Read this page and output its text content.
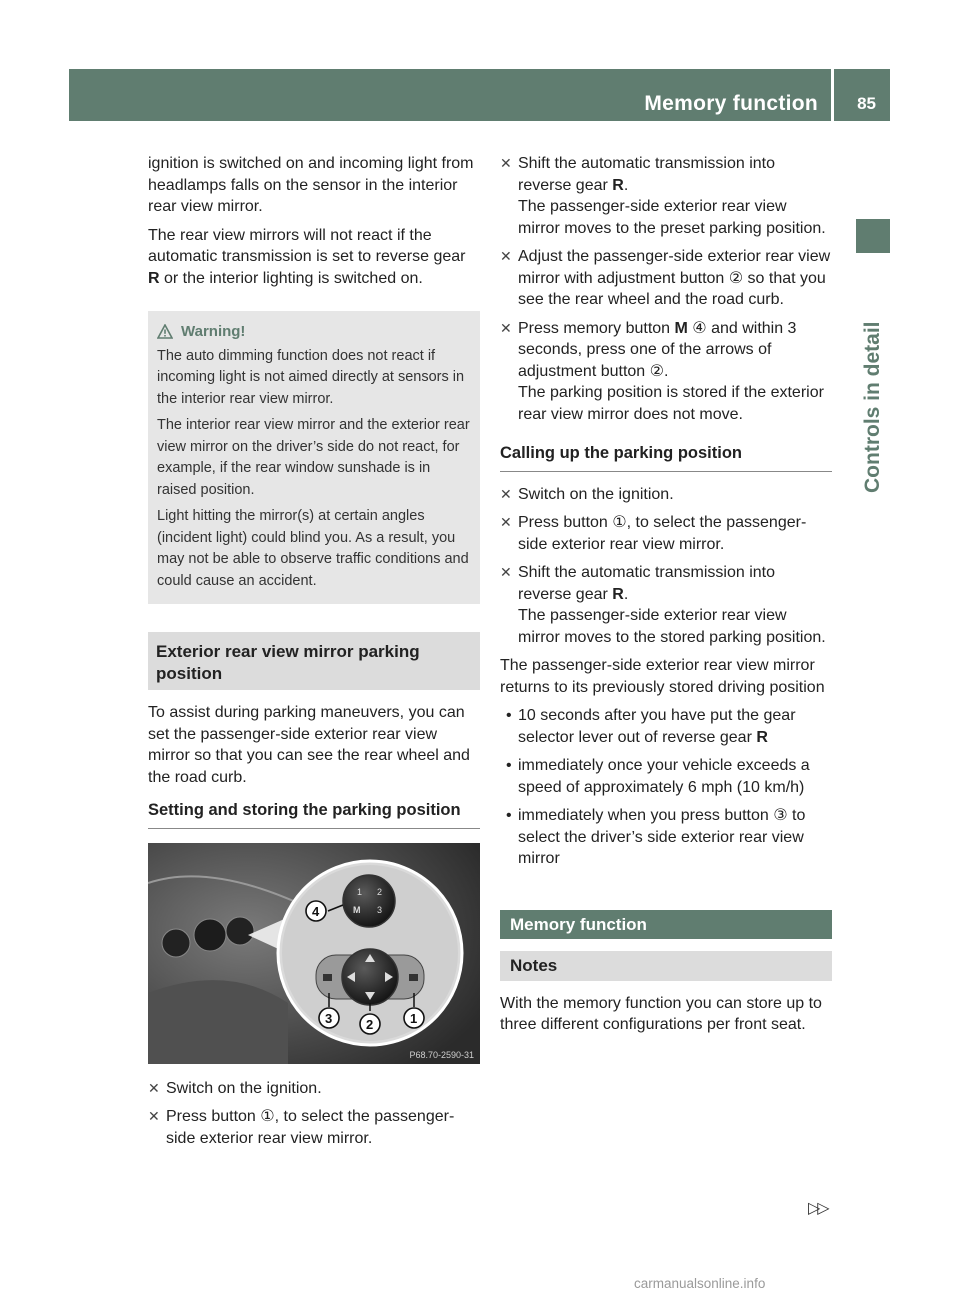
Memory function 85
Controls in detail

ignition is switched on and incoming light from headlamps falls on the sensor in the interior rear view mirror.

The rear view mirrors will not react if the automatic transmission is set to reverse gear R or the interior lighting is switched on.

Warning!

The auto dimming function does not react if incoming light is not aimed directly at sensors in the interior rear view mirror.

The interior rear view mirror and the exterior rear view mirror on the driver’s side do not react, for example, if the rear window sunshade is in raised position.

Light hitting the mirror(s) at certain angles (incident light) could blind you. As a result, you may not be able to observe traffic conditions and could cause an accident.

Exterior rear view mirror parking position

To assist during parking maneuvers, you can set the passenger-side exterior rear view mirror so that you can see the rear wheel and the road curb.

Setting and storing the parking position
1 2
M 3
4
3	2	1
P68.70-2590-31
✕ Switch on the ignition.
✕ Press button ①, to select the passenger-side exterior rear view mirror.
✕ Shift the automatic transmission into reverse gear R.
The passenger-side exterior rear view mirror moves to the preset parking position.
✕ Adjust the passenger-side exterior rear view mirror with adjustment button ② so that you see the rear wheel and the road curb.
✕ Press memory button M ④ and within 3 seconds, press one of the arrows of adjustment button ②.
The parking position is stored if the exterior rear view mirror does not move.
Calling up the parking position
✕ Switch on the ignition.
✕ Press button ①, to select the passenger-side exterior rear view mirror.
✕ Shift the automatic transmission into reverse gear R.
The passenger-side exterior rear view mirror moves to the stored parking position.

The passenger-side exterior rear view mirror returns to its previously stored driving position

• 10 seconds after you have put the gear selector lever out of reverse gear R
• immediately once your vehicle exceeds a speed of approximately 6 mph (10 km/h)
• immediately when you press button ③ to select the driver’s side exterior rear view mirror
Memory function
Notes

With the memory function you can store up to three different configurations per front seat.

▷▷
carmanualsonline.info
